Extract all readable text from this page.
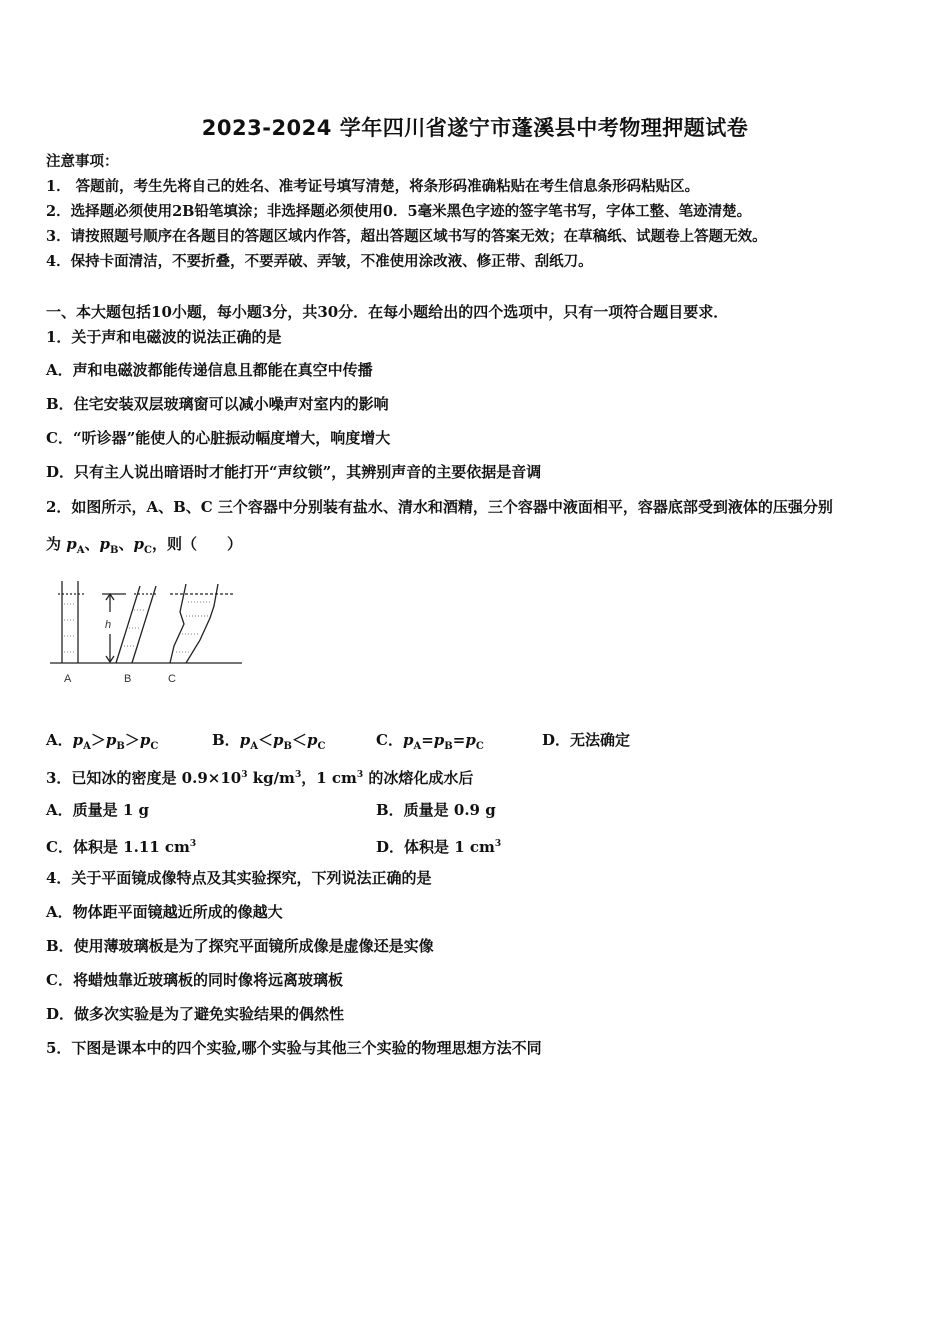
2023-2024 学年四川省遂宁市蓬溪县中考物理押题试卷
注意事项：
1． 答题前，考生先将自己的姓名、准考证号填写清楚，将条形码准确粘贴在考生信息条形码粘贴区。
2．选择题必须使用2B铅笔填涂；非选择题必须使用0．5毫米黑色字迹的签字笔书写，字体工整、笔迹清楚。
3．请按照题号顺序在各题目的答题区域内作答，超出答题区域书写的答案无效；在草稿纸、试题卷上答题无效。
4．保持卡面清洁，不要折叠，不要弄破、弄皱，不准使用涂改液、修正带、刮纸刀。
一、本大题包括10小题，每小题3分，共30分．在每小题给出的四个选项中，只有一项符合题目要求．
1．关于声和电磁波的说法正确的是
A．声和电磁波都能传递信息且都能在真空中传播
B．住宅安装双层玻璃窗可以减小噪声对室内的影响
C．“听诊器”能使人的心脏振动幅度增大，响度增大
D．只有主人说出暗语时才能打开“声纹锁”，其辨别声音的主要依据是音调
2．如图所示，A、B、C 三个容器中分别装有盐水、清水和酒精，三个容器中液面相平，容器底部受到液体的压强分别
为 $p_A$、$p_B$、$p_C$，则（　　）
h
A	B	C
A．$p_A>p_B>p_C$	B．$p_A<p_B<p_C$	C．$p_A=p_B=p_C$	D．无法确定
3．已知冰的密度是 $0.9\times 10^3$ $kg/m^3$，1 $cm^3$ 的冰熔化成水后
A．质量是 1 g	B．质量是 0.9 g
C．体积是 1.11 $cm^3$	D．体积是 1 $cm^3$
4．关于平面镜成像特点及其实验探究，下列说法正确的是
A．物体距平面镜越近所成的像越大
B．使用薄玻璃板是为了探究平面镜所成像是虚像还是实像
C．将蜡烛靠近玻璃板的同时像将远离玻璃板
D．做多次实验是为了避免实验结果的偶然性
5．下图是课本中的四个实验,哪个实验与其他三个实验的物理思想方法不同
